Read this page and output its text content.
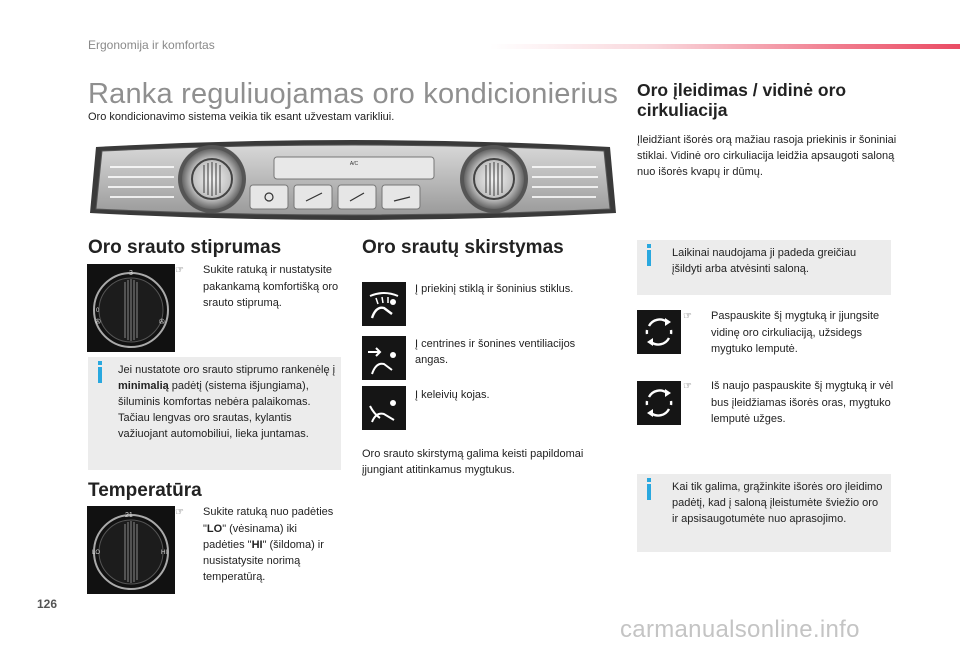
Ergonomija ir komfortas
Ranka reguliuojamas oro kondicionierius
Oro kondicionavimo sistema veikia tik esant užvestam varikliui.
A/C
Oro įleidimas / vidinė oro cirkuliacija
Įleidžiant išorės orą mažiau rasoja priekinis ir šoniniai stiklai. Vidinė oro cirkuliacija leidžia apsaugoti saloną nuo išorės kvapų ir dūmų.
Oro srauto stiprumas
3
0
✇	✇
☞ Sukite ratuką ir nustatysite pakankamą komfortišką oro srauto stiprumą.
Jei nustatote oro srauto stiprumo rankenėlę į minimalią padėtį (sistema išjungiama), šiluminis komfortas nebėra palaikomas. Tačiau lengvas oro srautas, kylantis važiuojant automobiliui, lieka juntamas.
Temperatūra
21
LO	HI
☞ Sukite ratuką nuo padėties "LO" (vėsinama) iki padėties "HI" (šildoma) ir nusistatysite norimą temperatūrą.
Oro srautų skirstymas
Į priekinį stiklą ir šoninius stiklus.
Į centrines ir šonines ventiliacijos angas.
Į keleivių kojas.
Oro srauto skirstymą galima keisti papildomai įjungiant atitinkamus mygtukus.
Laikinai naudojama ji padeda greičiau įšildyti arba atvėsinti saloną.
☞ Paspauskite šį mygtuką ir įjungsite vidinę oro cirkuliaciją, užsidegs mygtuko lemputė.
☞ Iš naujo paspauskite šį mygtuką ir vėl bus įleidžiamas išorės oras, mygtuko lemputė užges.
Kai tik galima, grąžinkite išorės oro įleidimo padėtį, kad į saloną įleistumėte šviežio oro ir apsisaugotumėte nuo aprasojimo.
126
carmanualsonline.info
